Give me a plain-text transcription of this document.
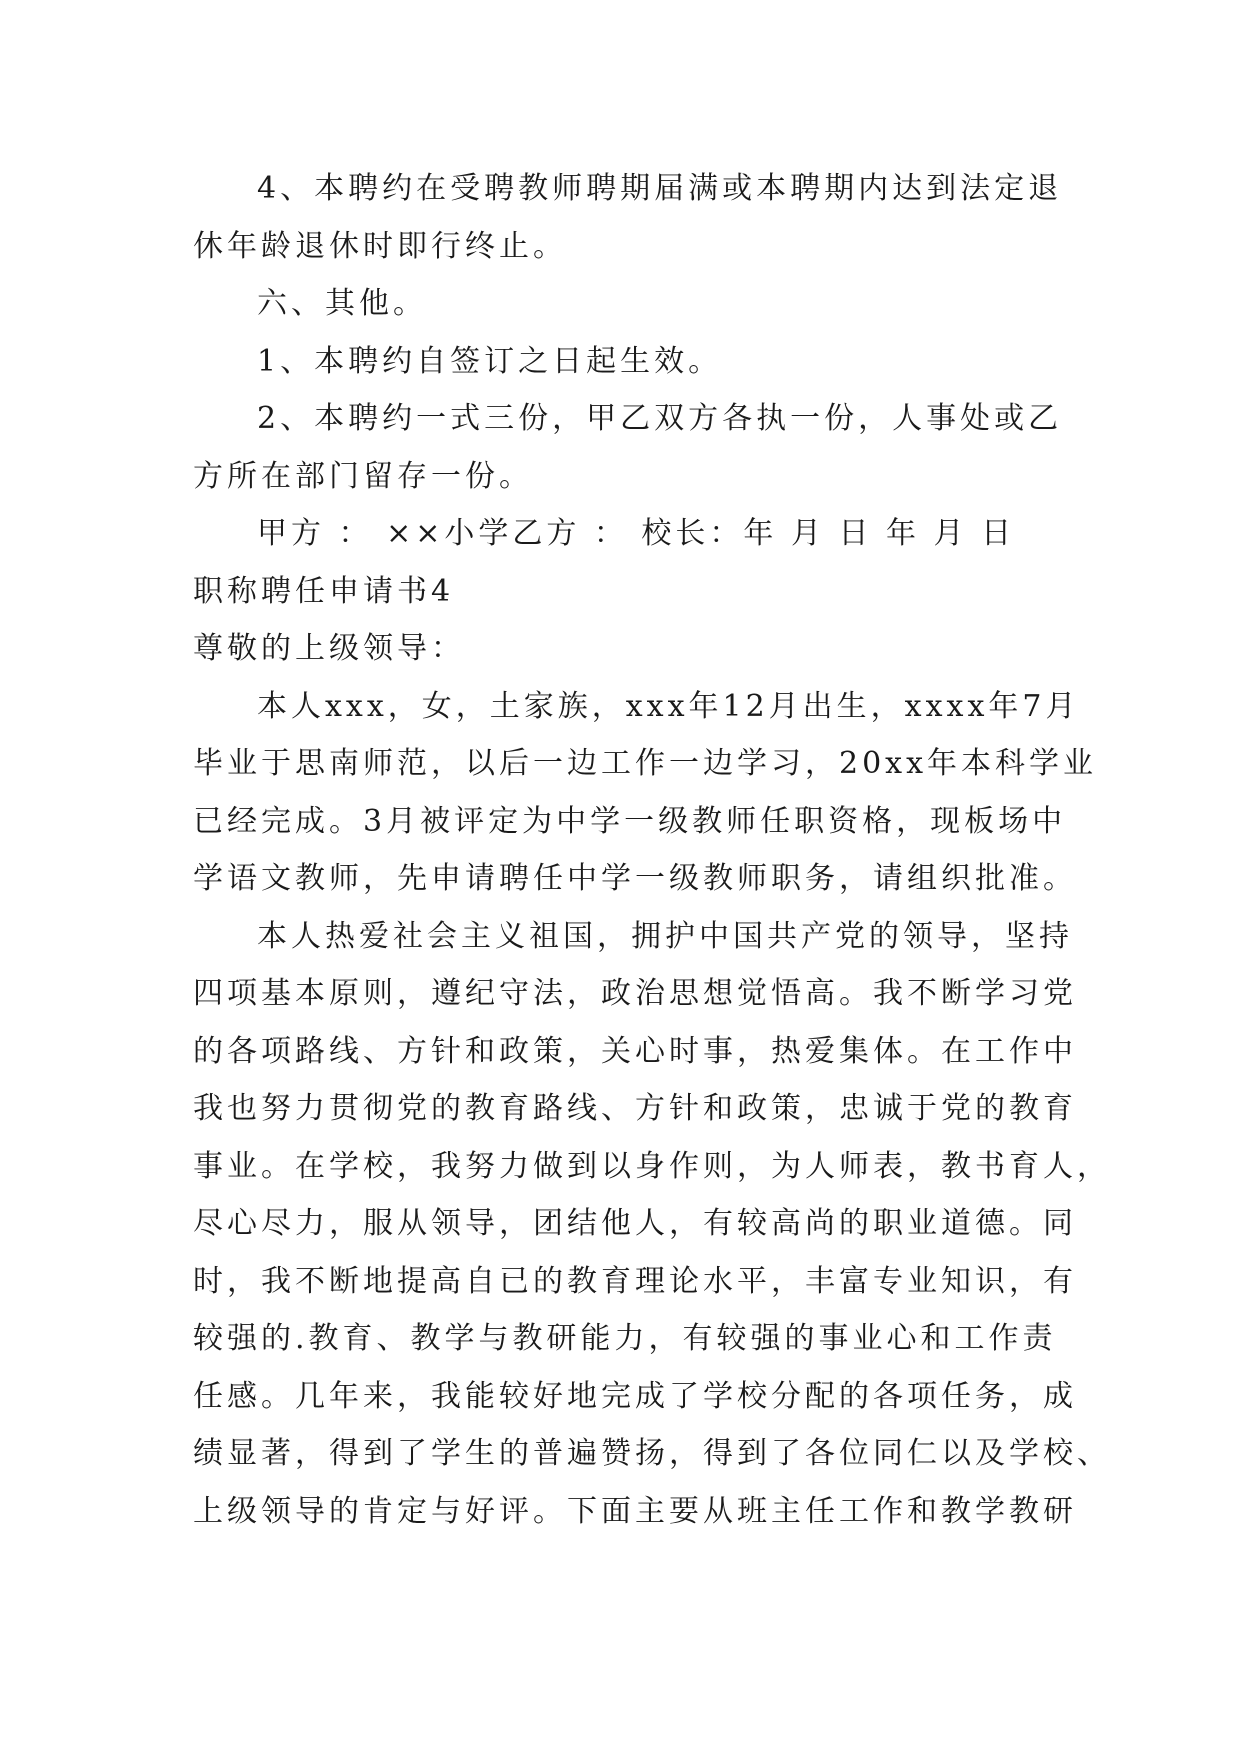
4、本聘约在受聘教师聘期届满或本聘期内达到法定退
休年龄退休时即行终止。
六、其他。
1、本聘约自签订之日起生效。
2、本聘约一式三份，甲乙双方各执一份，人事处或乙
方所在部门留存一份。
甲方 ： ××小学乙方 ： 校长：年 月 日 年 月 日
职称聘任申请书4
尊敬的上级领导：
本人xxx，女，土家族，xxx年12月出生，xxxx年7月
毕业于思南师范，以后一边工作一边学习，20xx年本科学业
已经完成。3月被评定为中学一级教师任职资格，现板场中
学语文教师，先申请聘任中学一级教师职务，请组织批准。
本人热爱社会主义祖国，拥护中国共产党的领导，坚持
四项基本原则，遵纪守法，政治思想觉悟高。我不断学习党
的各项路线、方针和政策，关心时事，热爱集体。在工作中
我也努力贯彻党的教育路线、方针和政策，忠诚于党的教育
事业。在学校，我努力做到以身作则，为人师表，教书育人，
尽心尽力，服从领导，团结他人，有较高尚的职业道德。同
时，我不断地提高自已的教育理论水平，丰富专业知识，有
较强的.教育、教学与教研能力，有较强的事业心和工作责
任感。几年来，我能较好地完成了学校分配的各项任务，成
绩显著，得到了学生的普遍赞扬，得到了各位同仁以及学校、
上级领导的肯定与好评。下面主要从班主任工作和教学教研
